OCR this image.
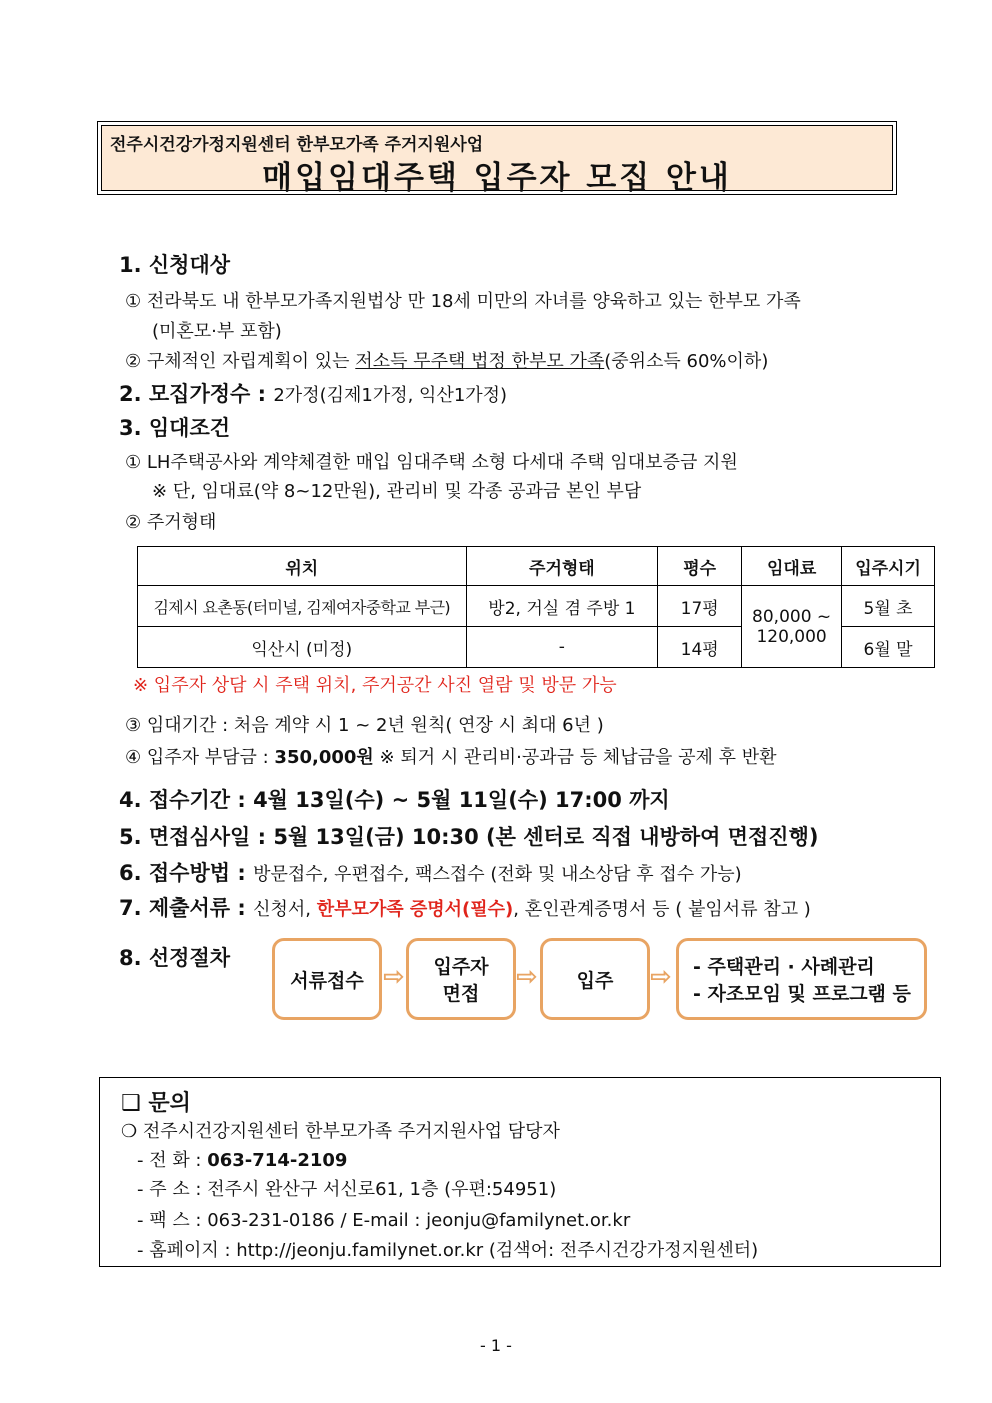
전주시건강가정지원센터 한부모가족 주거지원사업
매입임대주택 입주자 모집 안내
1. 신청대상
① 전라북도 내 한부모가족지원법상 만 18세 미만의 자녀를 양육하고 있는 한부모 가족
(미혼모·부 포함)
② 구체적인 자립계획이 있는 저소득 무주택 법정 한부모 가족(중위소득 60%이하)
2. 모집가정수 : 2가정(김제1가정, 익산1가정)
3. 임대조건
① LH주택공사와 계약체결한 매입 임대주택 소형 다세대 주택 임대보증금 지원
※ 단, 임대료(약 8~12만원), 관리비 및 각종 공과금 본인 부담
② 주거형태
위치	주거형태	평수	임대료	입주시기
김제시 요촌동(터미널, 김제여자중학교 부근)	방2, 거실 겸 주방 1	17평	80,000 ~
120,000	5월 초
익산시 (미정)	-	14평		6월 말
※ 입주자 상담 시 주택 위치, 주거공간 사진 열람 및 방문 가능
③ 임대기간 : 처음 계약 시 1 ~ 2년 원칙( 연장 시 최대 6년 )
④ 입주자 부담금 : 350,000원 ※ 퇴거 시 관리비·공과금 등 체납금을 공제 후 반환
4. 접수기간 : 4월 13일(수) ~ 5월 11일(수) 17:00 까지
5. 면접심사일 : 5월 13일(금) 10:30 (본 센터로 직접 내방하여 면접진행)
6. 접수방법 : 방문접수, 우편접수, 팩스접수 (전화 및 내소상담 후 접수 가능)
7. 제출서류 : 신청서, 한부모가족 증명서(필수), 혼인관계증명서 등 ( 붙임서류 참고 )
8. 선정절차
서류접수 ⇨ 입주자
면접
⇨ 입주 ⇨ - 주택관리 · 사례관리
- 자조모임 및 프로그램 등
❑ 문의
❍ 전주시건강지원센터 한부모가족 주거지원사업 담당자
- 전 화 : 063-714-2109
- 주 소 : 전주시 완산구 서신로61, 1층 (우편:54951)
- 팩 스 : 063-231-0186 / E-mail : jeonju@familynet.or.kr
- 홈페이지 : http://jeonju.familynet.or.kr (검색어: 전주시건강가정지원센터)
- 1 -
